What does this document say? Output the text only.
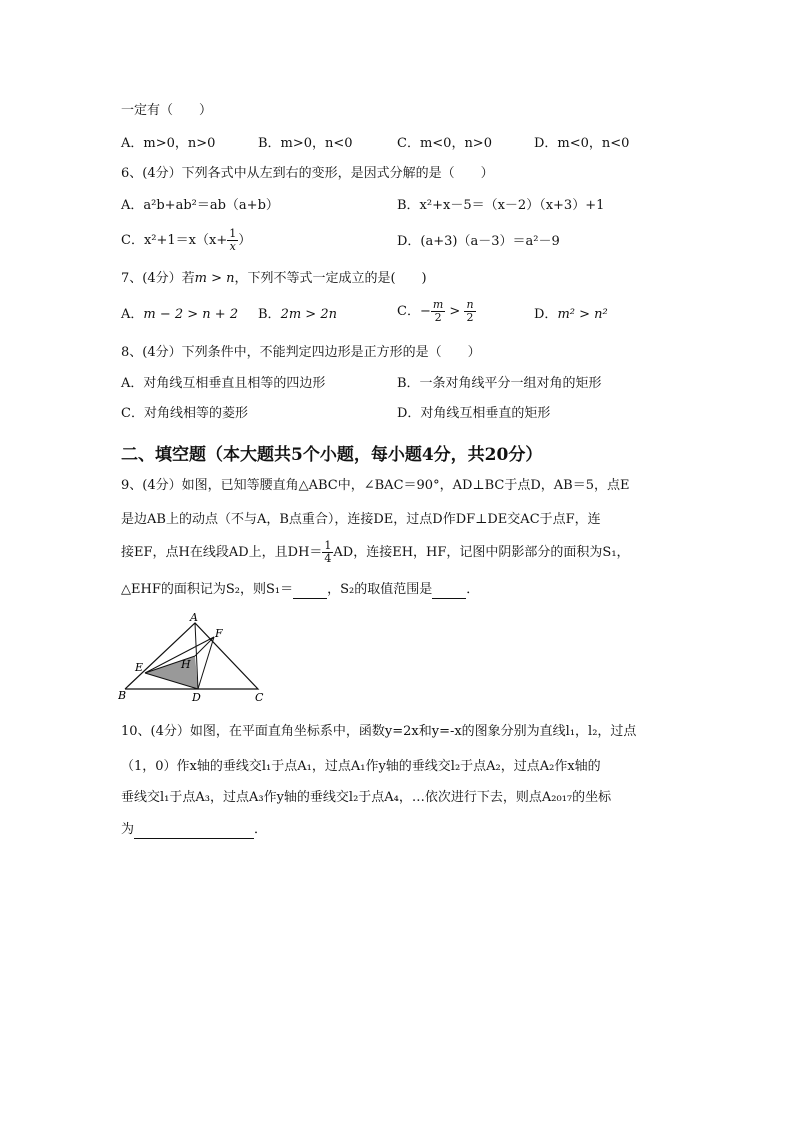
一定有（　　）
A．m>0，n>0	B．m>0，n<0	C．m<0，n>0	D．m<0，n<0
6、(4分）下列各式中从左到右的变形，是因式分解的是（　　）
A．a²b+ab²＝ab（a+b）	B．x²+x－5＝（x－2）（x+3）+1
C．$x^2+1=x(x+ \frac{1}{x}$ ）	D．(a+3)（a－3）＝a²－9
7、(4分）若m > n，下列不等式一定成立的是(　　)
A．m − 2 > n + 2 B．2m > 2n	C．− $\frac{m}{2} > \frac{n}{2}$	D．m² > n²
8、(4分）下列条件中，不能判定四边形是正方形的是（　　）
A．对角线互相垂直且相等的四边形	B．一条对角线平分一组对角的矩形
C．对角线相等的菱形	D．对角线互相垂直的矩形
二、填空题（本大题共5个小题，每小题4分，共20分）
9、(4分）如图，已知等腰直角△ABC中，∠BAC＝90°，AD⊥BC于点D，AB＝5，点E
是边AB上的动点（不与A，B点重合），连接DE，过点D作DF⊥DE交AC于点F，连
接EF，点H在线段AD上，且$DH= \frac{1}{4}$ AD，连接EH，HF，记图中阴影部分的面积为S₁，
△EHF的面积记为S₂，则S₁＝	，S₂的取值范围是	．
A
F
E	H
B	D	C
10、(4分）如图，在平面直角坐标系中，函数y=2x和y=-x的图象分别为直线l₁，l₂，过点
（1，0）作x轴的垂线交l₁于点A₁，过点A₁作y轴的垂线交l₂于点A₂，过点A₂作x轴的
垂线交l₁于点A₃，过点A₃作y轴的垂线交l₂于点A₄，…依次进行下去，则点A₂₀₁₇的坐标
为	．
